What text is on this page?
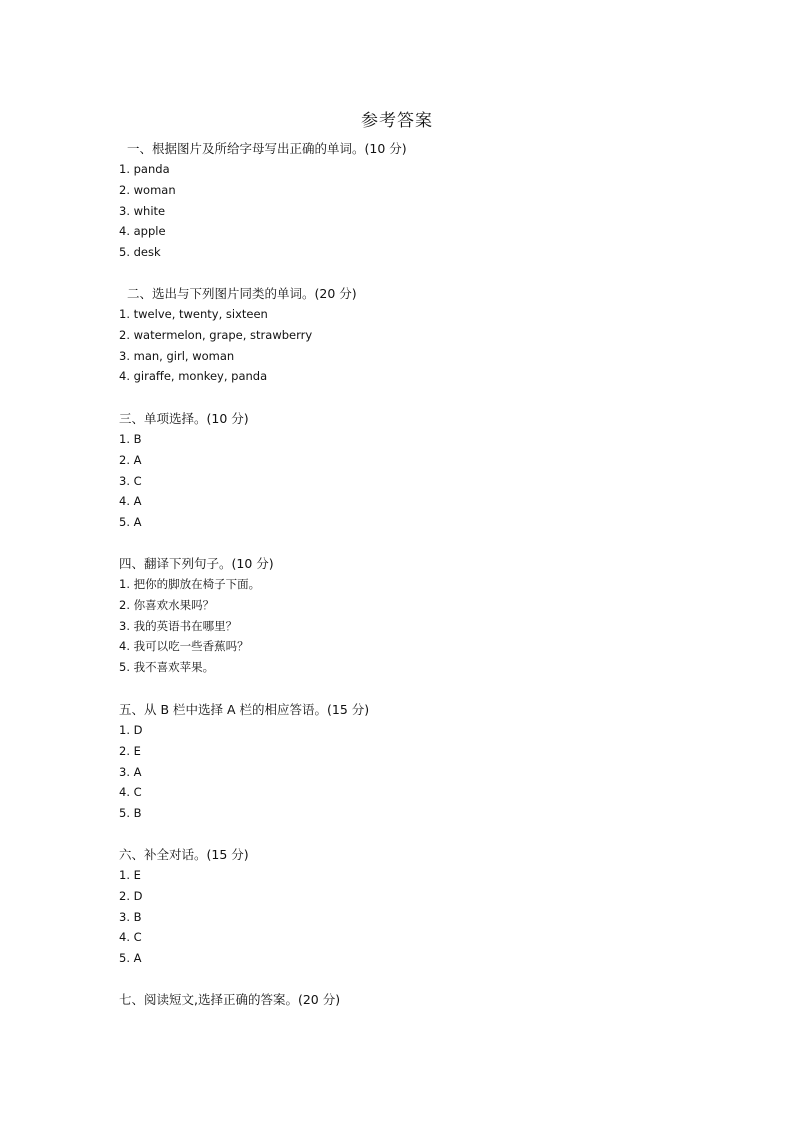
参考答案
一、根据图片及所给字母写出正确的单词。(10 分)
1. panda
2. woman
3. white
4. apple
5. desk
二、选出与下列图片同类的单词。(20 分)
1. twelve, twenty, sixteen
2. watermelon, grape, strawberry
3. man, girl, woman
4. giraffe, monkey, panda
三、单项选择。(10 分)
1. B
2. A
3. C
4. A
5. A
四、翻译下列句子。(10 分)
1. 把你的脚放在椅子下面。
2. 你喜欢水果吗？
3. 我的英语书在哪里？
4. 我可以吃一些香蕉吗？
5. 我不喜欢苹果。
五、从 B 栏中选择 A 栏的相应答语。(15 分)
1. D
2. E
3. A
4. C
5. B
六、补全对话。(15 分)
1. E
2. D
3. B
4. C
5. A
七、阅读短文,选择正确的答案。(20 分)
